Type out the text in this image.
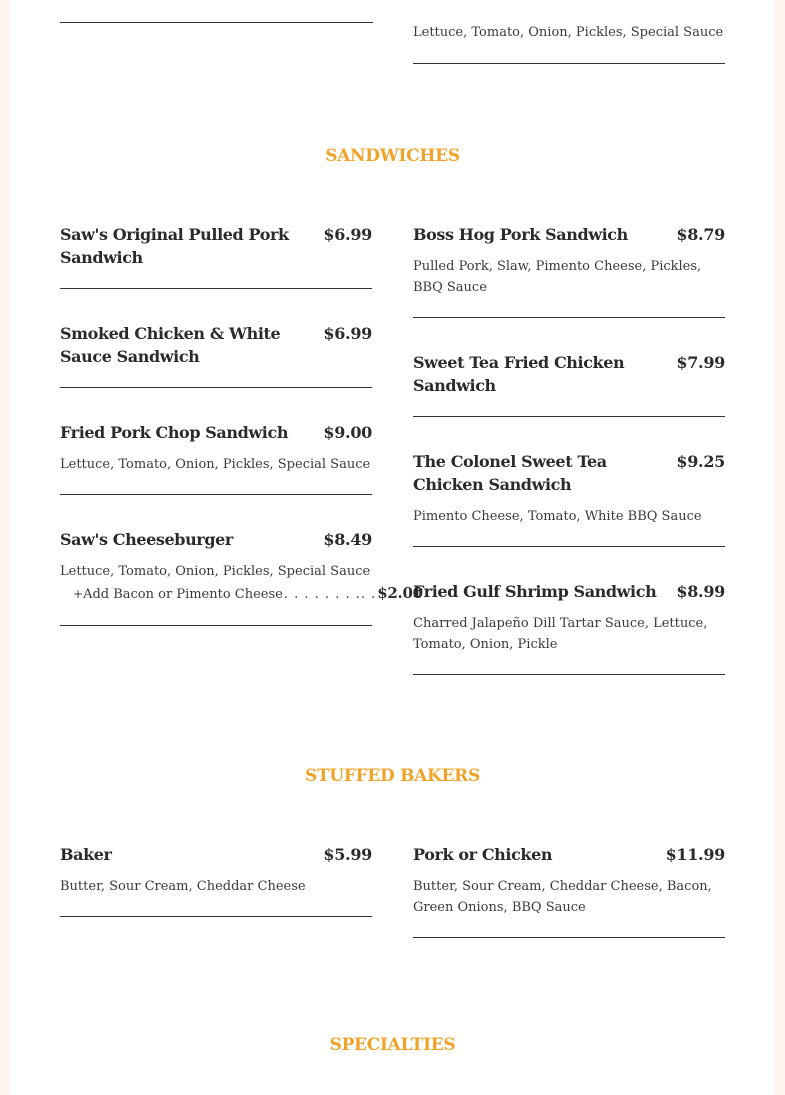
Lettuce, Tomato, Onion, Pickles, Special Sauce
SANDWICHES
Saw's Original Pulled Pork Sandwich
$6.99
Smoked Chicken & White Sauce Sandwich
$6.99
Fried Pork Chop Sandwich $9.00
Lettuce, Tomato, Onion, Pickles, Special Sauce
Saw's Cheeseburger	$8.49
Lettuce, Tomato, Onion, Pickles, Special Sauce
+ Add Bacon or Pimento Cheese . . . . . . . .. . $2.00
Boss Hog Pork Sandwich	$8.79
Pulled Pork, Slaw, Pimento Cheese, Pickles, BBQ Sauce
Sweet Tea Fried Chicken Sandwich
$7.99
The Colonel Sweet Tea Chicken Sandwich
$9.25
Pimento Cheese, Tomato, White BBQ Sauce
Fried Gulf Shrimp Sandwich $8.99
Charred Jalapeño Dill Tartar Sauce, Lettuce, Tomato, Onion, Pickle
STUFFED BAKERS
Baker	$5.99
Butter, Sour Cream, Cheddar Cheese
Pork or Chicken	$11.99
Butter, Sour Cream, Cheddar Cheese, Bacon, Green Onions, BBQ Sauce
SPECIALTIES
